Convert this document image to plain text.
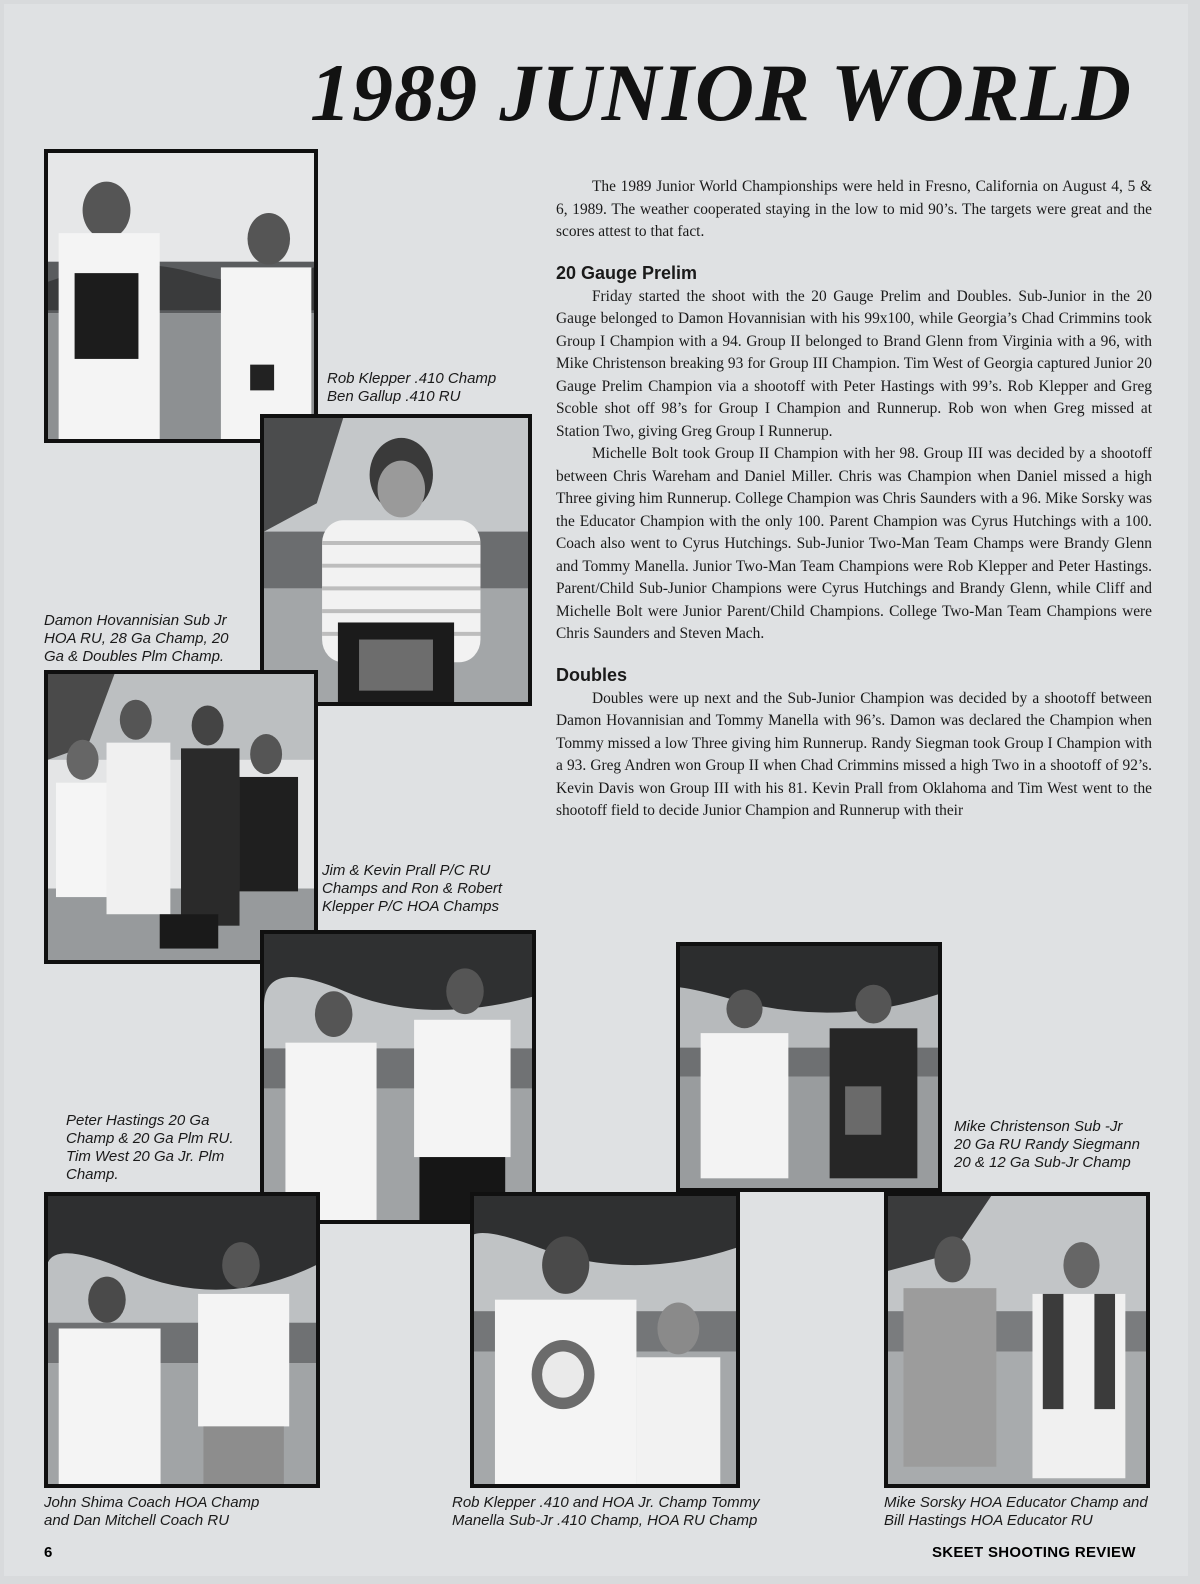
1989 JUNIOR WORLD
Rob Klepper .410 Champ
Ben Gallup .410 RU
Damon Hovannisian Sub Jr
HOA RU, 28 Ga Champ, 20
Ga & Doubles Plm Champ.
Jim & Kevin Prall P/C RU
Champs and Ron & Robert
Klepper P/C HOA Champs
Peter Hastings 20 Ga
Champ & 20 Ga Plm RU.
Tim West 20 Ga Jr. Plm
Champ.
Mike Christenson Sub -Jr
20 Ga RU Randy Siegmann
20 & 12 Ga Sub-Jr Champ
John Shima Coach HOA Champ
and Dan Mitchell Coach RU
Rob Klepper .410 and HOA Jr. Champ Tommy
Manella Sub-Jr .410 Champ, HOA RU Champ
Mike Sorsky HOA Educator Champ and
Bill Hastings HOA Educator RU

The 1989 Junior World Championships were held in Fresno, California on August 4, 5 & 6, 1989. The weather cooperated staying in the low to mid 90’s. The targets were great and the scores attest to that fact.

20 Gauge Prelim

Friday started the shoot with the 20 Gauge Prelim and Doubles. Sub-Junior in the 20 Gauge belonged to Damon Hovannisian with his 99x100, while Georgia’s Chad Crimmins took Group I Champion with a 94. Group II belonged to Brand Glenn from Virginia with a 96, with Mike Christenson breaking 93 for Group III Champion. Tim West of Georgia captured Junior 20 Gauge Prelim Champion via a shootoff with Peter Hastings with 99’s. Rob Klepper and Greg Scoble shot off 98’s for Group I Champion and Runnerup. Rob won when Greg missed at Station Two, giving Greg Group I Runnerup.

Michelle Bolt took Group II Champion with her 98. Group III was decided by a shootoff between Chris Wareham and Daniel Miller. Chris was Champion when Daniel missed a high Three giving him Runnerup. College Champion was Chris Saunders with a 96. Mike Sorsky was the Educator Champion with the only 100. Parent Champion was Cyrus Hutchings with a 100. Coach also went to Cyrus Hutchings. Sub-Junior Two-Man Team Champs were Brandy Glenn and Tommy Manella. Junior Two-Man Team Champions were Rob Klepper and Peter Hastings. Parent/Child Sub-Junior Champions were Cyrus Hutchings and Brandy Glenn, while Cliff and Michelle Bolt were Junior Parent/Child Champions. College Two-Man Team Champions were Chris Saunders and Steven Mach.

Doubles

Doubles were up next and the Sub-Junior Champion was decided by a shootoff between Damon Hovannisian and Tommy Manella with 96’s. Damon was declared the Champion when Tommy missed a low Three giving him Runnerup. Randy Siegman took Group I Champion with a 93. Greg Andren won Group II when Chad Crimmins missed a high Two in a shootoff of 92’s. Kevin Davis won Group III with his 81. Kevin Prall from Oklahoma and Tim West went to the shootoff field to decide Junior Champion and Runnerup with their

6	SKEET SHOOTING REVIEW
